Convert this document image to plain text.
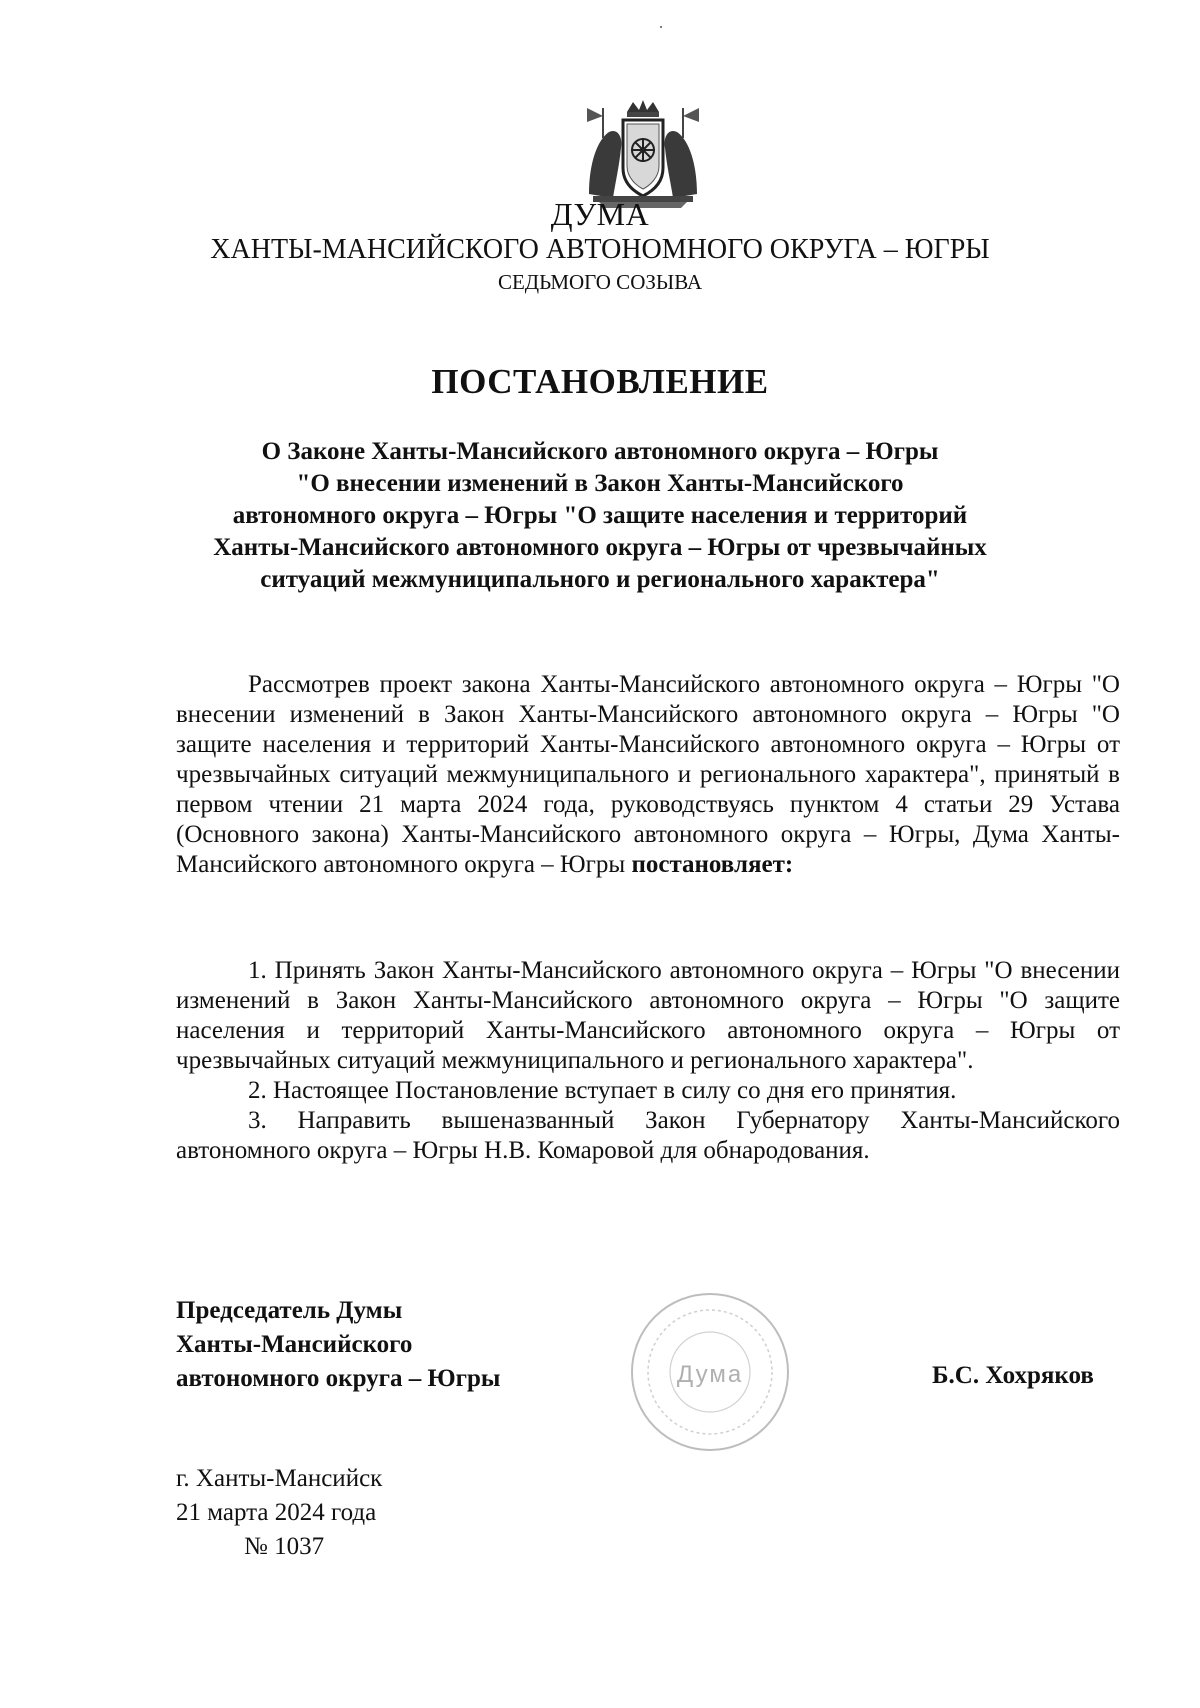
ДУМА
ХАНТЫ-МАНСИЙСКОГО АВТОНОМНОГО ОКРУГА – ЮГРЫ
СЕДЬМОГО СОЗЫВА
ПОСТАНОВЛЕНИЕ
О Законе Ханты-Мансийского автономного округа – Югры
"О внесении изменений в Закон Ханты-Мансийского
автономного округа – Югры "О защите населения и территорий
Ханты-Мансийского автономного округа – Югры от чрезвычайных
ситуаций межмуниципального и регионального характера"
Рассмотрев проект закона Ханты-Мансийского автономного округа – Югры "О внесении изменений в Закон Ханты-Мансийского автономного округа – Югры "О защите населения и территорий Ханты-Мансийского автономного округа – Югры от чрезвычайных ситуаций межмуниципального и регионального характера", принятый в первом чтении 21 марта 2024 года, руководствуясь пунктом 4 статьи 29 Устава (Основного закона) Ханты-Мансийского автономного округа – Югры, Дума Ханты-Мансийского автономного округа – Югры постановляет:

1. Принять Закон Ханты-Мансийского автономного округа – Югры "О внесении изменений в Закон Ханты-Мансийского автономного округа – Югры "О защите населения и территорий Ханты-Мансийского автономного округа – Югры от чрезвычайных ситуаций межмуниципального и регионального характера".

2. Настоящее Постановление вступает в силу со дня его принятия.

3. Направить вышеназванный Закон Губернатору Ханты-Мансийского автономного округа – Югры Н.В. Комаровой для обнародования.

Председатель Думы
Ханты-Мансийского
автономного округа – Югры	Дума	Б.С. Хохряков
г. Ханты-Мансийск
21 марта 2024 года
№ 1037
